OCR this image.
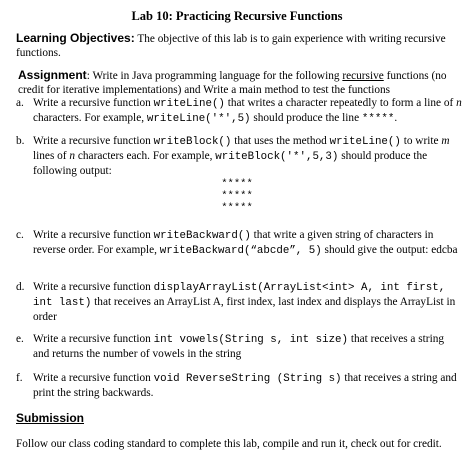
Lab 10: Practicing Recursive Functions
Learning Objectives: The objective of this lab is to gain experience with writing recursive functions.
Assignment: Write in Java programming language for the following recursive functions (no credit for iterative implementations) and Write a main method to test the functions
a. Write a recursive function writeLine() that writes a character repeatedly to form a line of n characters. For example, writeLine('*',5) should produce the line *****.
b. Write a recursive function writeBlock() that uses the method writeLine() to write m lines of n characters each. For example, writeBlock('*',5,3) should produce the following output:
*****
*****
*****
c. Write a recursive function writeBackward() that write a given string of characters in reverse order. For example, writeBackward(“abcde”, 5) should give the output: edcba
d. Write a recursive function displayArrayList(ArrayList<int> A, int first, int last) that receives an ArrayList A, first index, last index and displays the ArrayList in order
e. Write a recursive function int vowels(String s, int size) that receives a string and returns the number of vowels in the string
f. Write a recursive function void ReverseString (String s) that receives a string and print the string backwards.
Submission
Follow our class coding standard to complete this lab, compile and run it, check out for credit.
